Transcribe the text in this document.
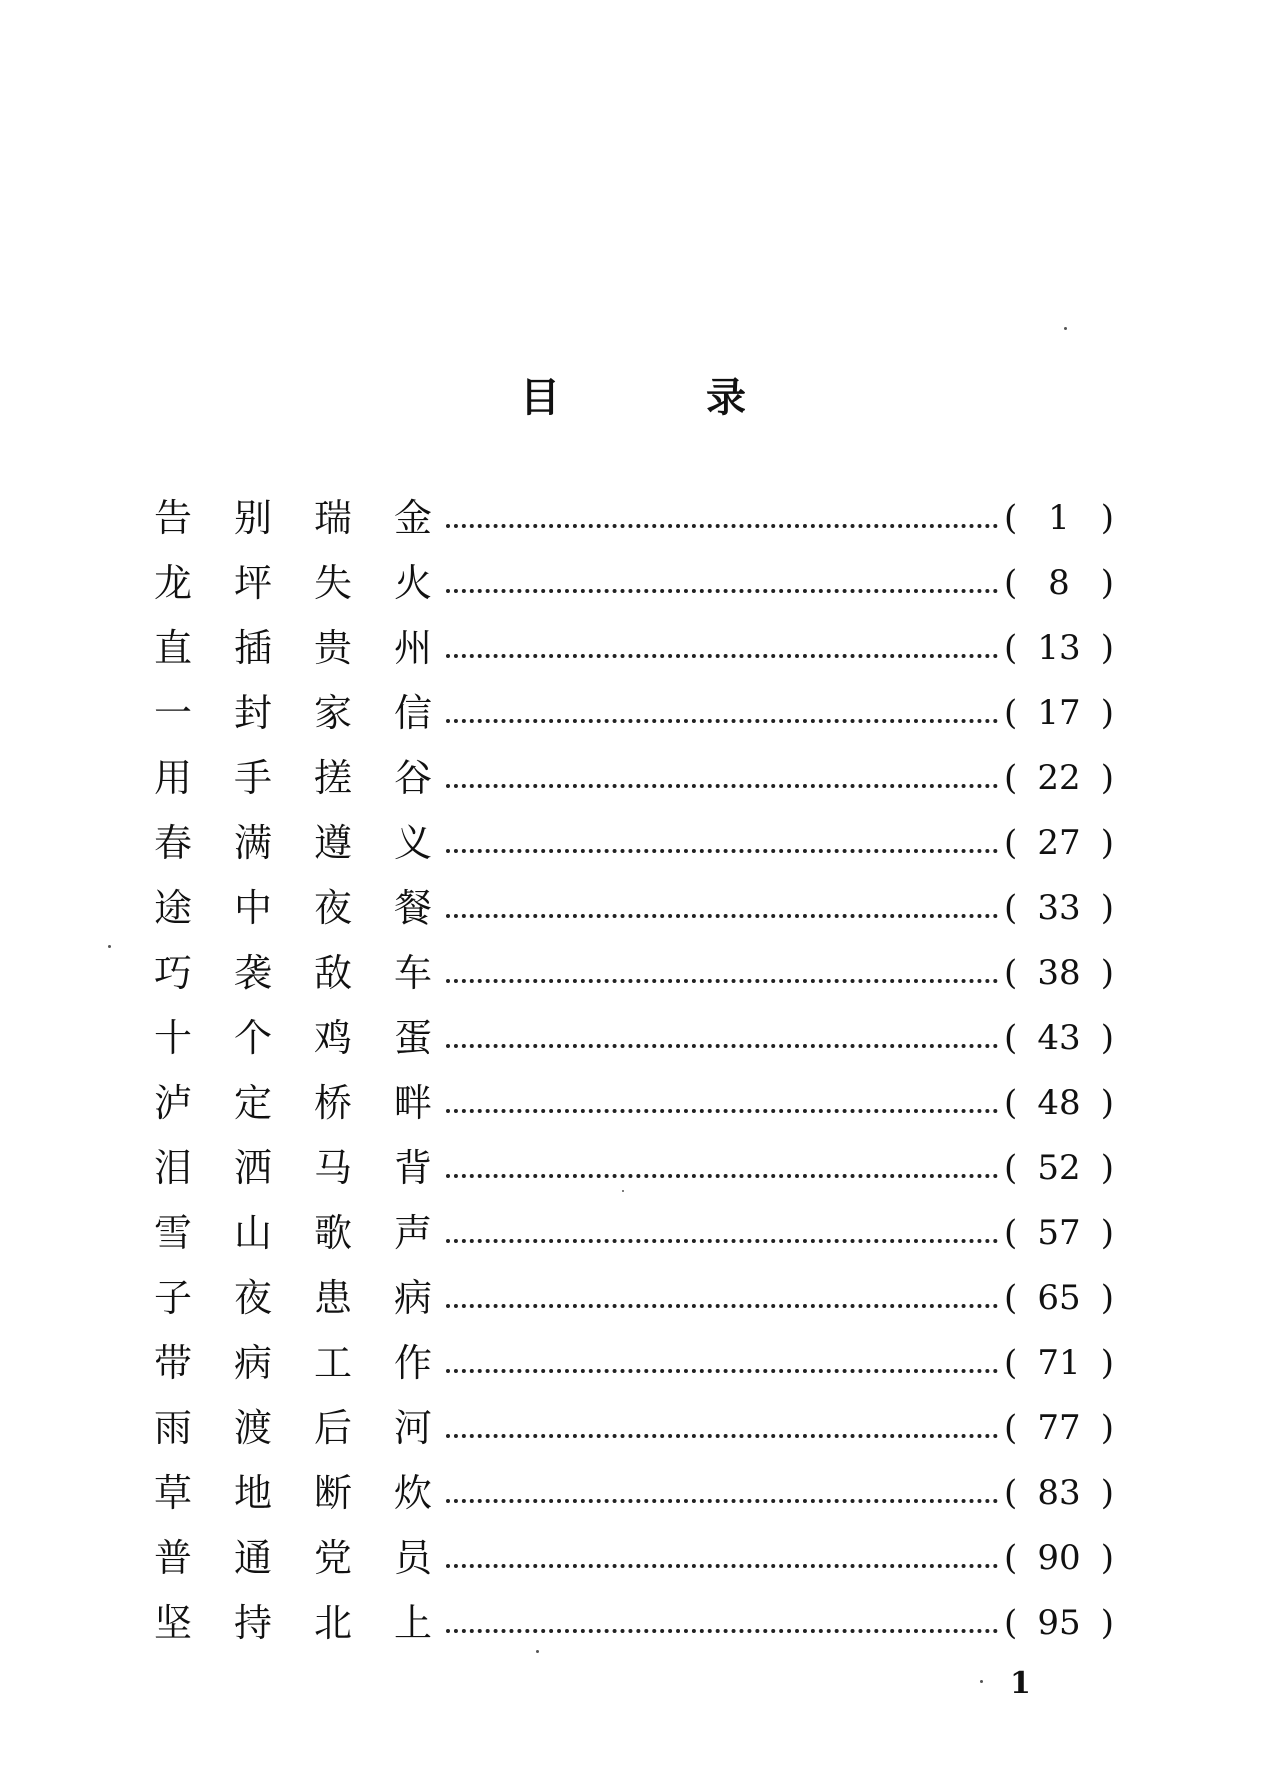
目	录
告	别	瑞	金	( 1 )
龙	坪	失	火	( 8 )
直	插	贵	州	( 13 )
一	封	家	信	( 17 )
用	手	搓	谷	( 22 )
春	满	遵	义	( 27 )
途	中	夜	餐	( 33 )
巧	袭	敌	车	( 38 )
十	个	鸡	蛋	( 43 )
泸	定	桥	畔	( 48 )
泪	洒	马	背	( 52 )
雪	山	歌	声	( 57 )
子	夜	患	病	( 65 )
带	病	工	作	( 71 )
雨	渡	后	河	( 77 )
草	地	断	炊	( 83 )
普	通	党	员	( 90 )
坚	持	北	上	( 95 )
1
